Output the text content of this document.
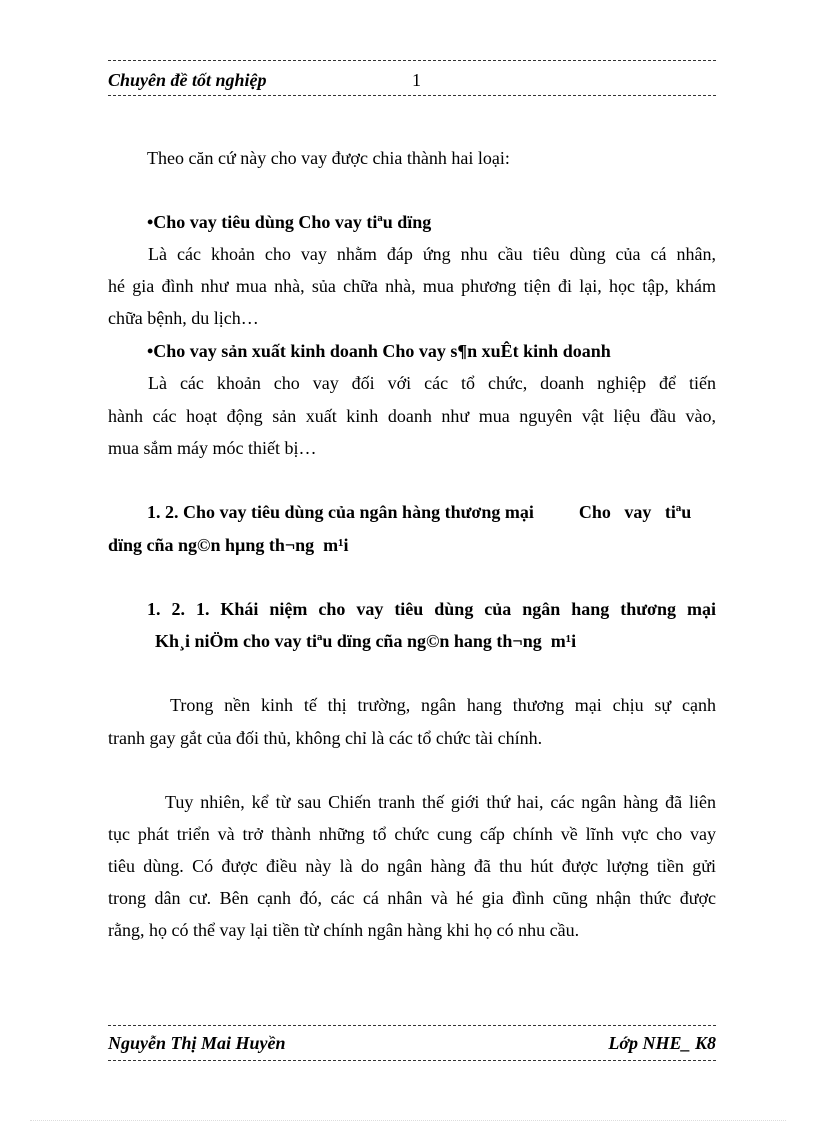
Chuyên đề tốt nghiệp	1
Theo căn cứ này cho vay được chia thành hai loại:
•Cho vay tiêu dùng Cho vay tiªu dïng
Là các khoản cho vay nhằm đáp ứng nhu cầu tiêu dùng của cá nhân,
hé gia đình như mua nhà, sủa chữa nhà, mua phương tiện đi lại, học tập, khám
chữa bệnh, du lịch…
•Cho vay sản xuất kinh doanh Cho vay s¶n xuÊt kinh doanh
Là các khoản cho vay đối với các tổ chức, doanh nghiệp để tiến
hành các hoạt động sản xuất kinh doanh như mua nguyên vật liệu đầu vào,
mua sắm máy móc thiết bị…
1. 2. Cho vay tiêu dùng của ngân hàng thương mại          Cho   vay   tiªu
dïng cña ng©n hµng th¬ng  m¹i
1. 2. 1. Khái niệm cho vay tiêu dùng của ngân hang thương mại
Kh¸i niÖm cho vay tiªu dïng cña ng©n hang th¬ng  m¹i
Trong nền kinh tế thị trường, ngân hang thương mại chịu sự cạnh
tranh gay gắt của đối thủ, không chỉ là các tổ chức tài chính.
Tuy nhiên, kể từ sau Chiến tranh thế giới thứ hai, các ngân hàng đã liên
tục phát triển và trở thành những tổ chức cung cấp chính về lĩnh vực cho vay
tiêu dùng. Có được điều này là do ngân hàng đã thu hút được lượng tiền gửi
trong dân cư. Bên cạnh đó, các cá nhân và hé gia đình cũng nhận thức được
rằng, họ có thể vay lại tiền từ chính ngân hàng khi họ có nhu cầu.
Nguyễn Thị Mai Huyền	Lớp NHE_ K8
